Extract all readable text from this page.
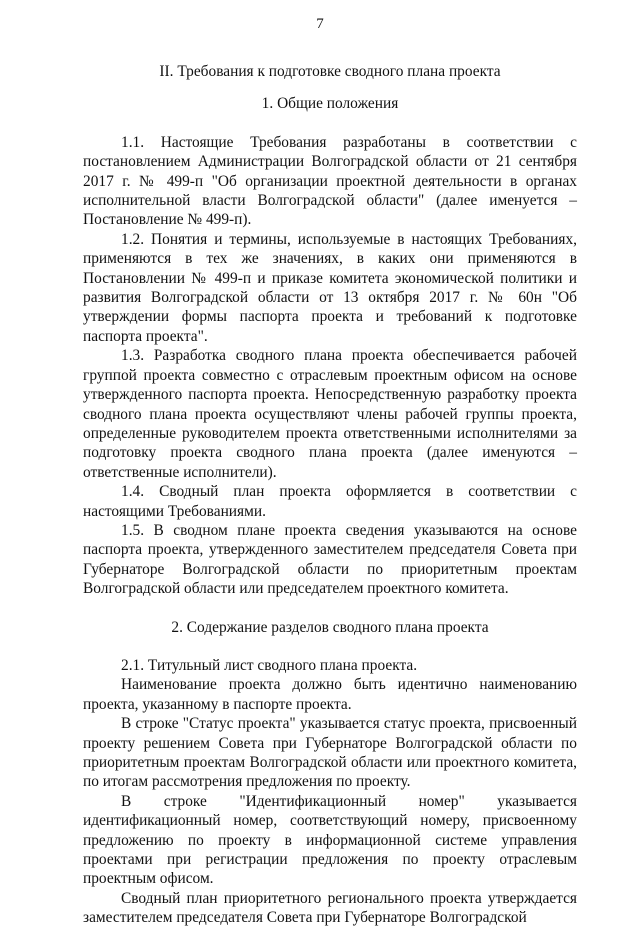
7

II. Требования к подготовке сводного плана проекта

1. Общие положения

1.1. Настоящие Требования разработаны в соответствии с постановлением Администрации Волгоградской области от 21 сентября 2017 г. № 499-п "Об организации проектной деятельности в органах исполнительной власти Волгоградской области" (далее именуется – Постановление № 499-п).

1.2. Понятия и термины, используемые в настоящих Требованиях, применяются в тех же значениях, в каких они применяются в Постановлении № 499-п и приказе комитета экономической политики и развития Волгоградской области от 13 октября 2017 г. № 60н "Об утверждении формы паспорта проекта и требований к подготовке паспорта проекта".

1.3. Разработка сводного плана проекта обеспечивается рабочей группой проекта совместно с отраслевым проектным офисом на основе утвержденного паспорта проекта. Непосредственную разработку проекта сводного плана проекта осуществляют члены рабочей группы проекта, определенные руководителем проекта ответственными исполнителями за подготовку проекта сводного плана проекта (далее именуются – ответственные исполнители).

1.4. Сводный план проекта оформляется в соответствии с настоящими Требованиями.

1.5. В сводном плане проекта сведения указываются на основе паспорта проекта, утвержденного заместителем председателя Совета при Губернаторе Волгоградской области по приоритетным проектам Волгоградской области или председателем проектного комитета.

2. Содержание разделов сводного плана проекта

2.1. Титульный лист сводного плана проекта.

Наименование проекта должно быть идентично наименованию проекта, указанному в паспорте проекта.

В строке "Статус проекта" указывается статус проекта, присвоенный проекту решением Совета при Губернаторе Волгоградской области по приоритетным проектам Волгоградской области или проектного комитета, по итогам рассмотрения предложения по проекту.

В строке "Идентификационный номер" указывается идентификационный номер, соответствующий номеру, присвоенному предложению по проекту в информационной системе управления проектами при регистрации предложения по проекту отраслевым проектным офисом.

Сводный план приоритетного регионального проекта утверждается заместителем председателя Совета при Губернаторе Волгоградской
